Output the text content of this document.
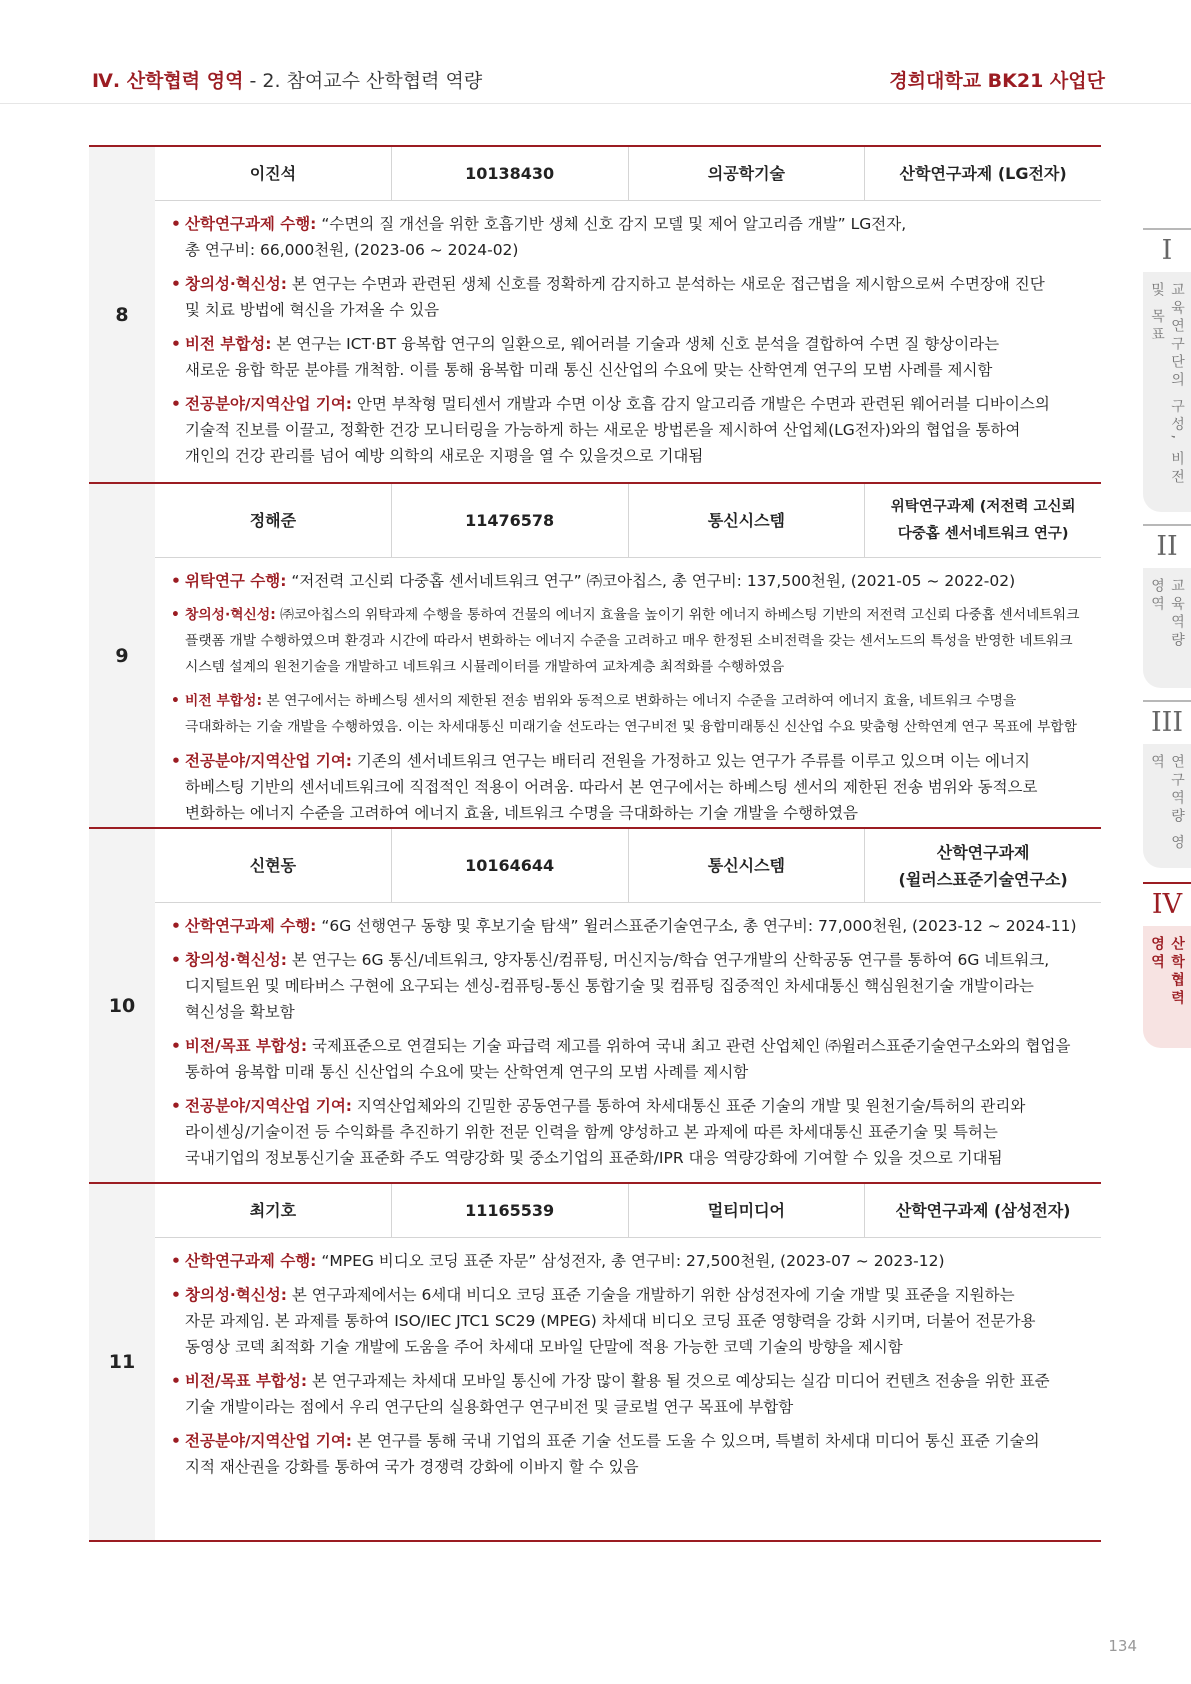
Ⅳ. 산학협력 영역 - 2. 참여교수 산학협력 역량	경희대학교 BK21 사업단
8
이진석	10138430	의공학기술	산학연구과제 (LG전자)
• 산학연구과제 수행: “수면의 질 개선을 위한 호흡기반 생체 신호 감지 모델 및 제어 알고리즘 개발” LG전자,
총 연구비: 66,000천원, (2023-06 ~ 2024-02)
• 창의성·혁신성: 본 연구는 수면과 관련된 생체 신호를 정확하게 감지하고 분석하는 새로운 접근법을 제시함으로써 수면장애 진단
및 치료 방법에 혁신을 가져올 수 있음
• 비전 부합성: 본 연구는 ICT·BT 융복합 연구의 일환으로, 웨어러블 기술과 생체 신호 분석을 결합하여 수면 질 향상이라는
새로운 융합 학문 분야를 개척함. 이를 통해 융복합 미래 통신 신산업의 수요에 맞는 산학연계 연구의 모범 사례를 제시함
• 전공분야/지역산업 기여: 안면 부착형 멀티센서 개발과 수면 이상 호흡 감지 알고리즘 개발은 수면과 관련된 웨어러블 디바이스의
기술적 진보를 이끌고, 정확한 건강 모니터링을 가능하게 하는 새로운 방법론을 제시하여 산업체(LG전자)와의 협업을 통하여
개인의 건강 관리를 넘어 예방 의학의 새로운 지평을 열 수 있을것으로 기대됨
9
정해준	11476578	통신시스템
위탁연구과제 (저전력 고신뢰
다중홉 센서네트워크 연구)
• 위탁연구 수행: “저전력 고신뢰 다중홉 센서네트워크 연구” ㈜코아칩스, 총 연구비: 137,500천원, (2021-05 ~ 2022-02)
• 창의성·혁신성: ㈜코아칩스의 위탁과제 수행을 통하여 건물의 에너지 효율을 높이기 위한 에너지 하베스팅 기반의 저전력 고신뢰 다중홉 센서네트워크
플랫폼 개발 수행하였으며 환경과 시간에 따라서 변화하는 에너지 수준을 고려하고 매우 한정된 소비전력을 갖는 센서노드의 특성을 반영한 네트워크
시스템 설계의 원천기술을 개발하고 네트워크 시뮬레이터를 개발하여 교차계층 최적화를 수행하였음
• 비전 부합성: 본 연구에서는 하베스팅 센서의 제한된 전송 범위와 동적으로 변화하는 에너지 수준을 고려하여 에너지 효율, 네트워크 수명을
극대화하는 기술 개발을 수행하였음. 이는 차세대통신 미래기술 선도라는 연구비전 및 융합미래통신 신산업 수요 맞춤형 산학연계 연구 목표에 부합함
• 전공분야/지역산업 기여: 기존의 센서네트워크 연구는 배터리 전원을 가정하고 있는 연구가 주류를 이루고 있으며 이는 에너지
하베스팅 기반의 센서네트워크에 직접적인 적용이 어려움. 따라서 본 연구에서는 하베스팅 센서의 제한된 전송 범위와 동적으로
변화하는 에너지 수준을 고려하여 에너지 효율, 네트워크 수명을 극대화하는 기술 개발을 수행하였음
10
신현동	10164644	통신시스템
산학연구과제
(윌러스표준기술연구소)
• 산학연구과제 수행: “6G 선행연구 동향 및 후보기술 탐색” 윌러스표준기술연구소, 총 연구비: 77,000천원, (2023-12 ~ 2024-11)
• 창의성·혁신성: 본 연구는 6G 통신/네트워크, 양자통신/컴퓨팅, 머신지능/학습 연구개발의 산학공동 연구를 통하여 6G 네트워크,
디지털트윈 및 메타버스 구현에 요구되는 센싱-컴퓨팅-통신 통합기술 및 컴퓨팅 집중적인 차세대통신 핵심원천기술 개발이라는
혁신성을 확보함
• 비전/목표 부합성: 국제표준으로 연결되는 기술 파급력 제고를 위하여 국내 최고 관련 산업체인 ㈜윌러스표준기술연구소와의 협업을
통하여 융복합 미래 통신 신산업의 수요에 맞는 산학연계 연구의 모범 사례를 제시함
• 전공분야/지역산업 기여: 지역산업체와의 긴밀한 공동연구를 통하여 차세대통신 표준 기술의 개발 및 원천기술/특허의 관리와
라이센싱/기술이전 등 수익화를 추진하기 위한 전문 인력을 함께 양성하고 본 과제에 따른 차세대통신 표준기술 및 특허는
국내기업의 정보통신기술 표준화 주도 역량강화 및 중소기업의 표준화/IPR 대응 역량강화에 기여할 수 있을 것으로 기대됨
11
최기호	11165539	멀티미디어	산학연구과제 (삼성전자)
• 산학연구과제 수행: “MPEG 비디오 코딩 표준 자문” 삼성전자, 총 연구비: 27,500천원, (2023-07 ~ 2023-12)
• 창의성·혁신성: 본 연구과제에서는 6세대 비디오 코딩 표준 기술을 개발하기 위한 삼성전자에 기술 개발 및 표준을 지원하는
자문 과제임. 본 과제를 통하여 ISO/IEC JTC1 SC29 (MPEG) 차세대 비디오 코딩 표준 영향력을 강화 시키며, 더불어 전문가용
동영상 코덱 최적화 기술 개발에 도움을 주어 차세대 모바일 단말에 적용 가능한 코덱 기술의 방향을 제시함
• 비전/목표 부합성: 본 연구과제는 차세대 모바일 통신에 가장 많이 활용 될 것으로 예상되는 실감 미디어 컨텐츠 전송을 위한 표준
기술 개발이라는 점에서 우리 연구단의 실용화연구 연구비전 및 글로벌 연구 목표에 부합함
• 전공분야/지역산업 기여: 본 연구를 통해 국내 기업의 표준 기술 선도를 도울 수 있으며, 특별히 차세대 미디어 통신 표준 기술의
지적 재산권을 강화를 통하여 국가 경쟁력 강화에 이바지 할 수 있음
I
교육연구단의 구성, 비전 및 목표
II
교육역량 영역
III
연구역량 영역
IV
산학협력 영역
134
